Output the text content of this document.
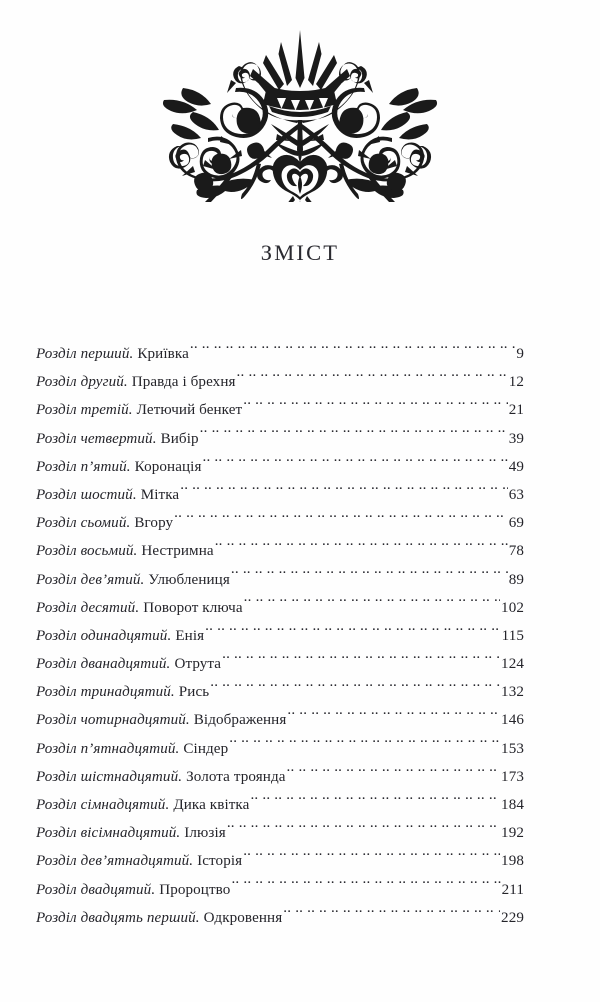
ЗМІСТ
Розділ перший. Криївка .. ..	9
Розділ другий. Правда і брехня .. ..	12
Розділ третій. Летючий бенкет .. ..	21
Розділ четвертий. Вибір .. ..	39
Розділ п’ятий. Коронація .. ..	49
Розділ шостий. Мітка .. ..	63
Розділ сьомий. Вгору .. ..	69
Розділ восьмий. Нестримна .. ..	78
Розділ дев’ятий. Улюблениця .. ..	89
Розділ десятий. Поворот ключа .. ..	102
Розділ одинадцятий. Енія .. ..	115
Розділ дванадцятий. Отрута .. ..	124
Розділ тринадцятий. Рись .. ..	132
Розділ чотирнадцятий. Відображення .. ..	146
Розділ п’ятнадцятий. Сіндер .. ..	153
Розділ шістнадцятий. Золота троянда .. ..	173
Розділ сімнадцятий. Дика квітка .. ..	184
Розділ вісімнадцятий. Ілюзія .. ..	192
Розділ дев’ятнадцятий. Історія .. ..	198
Розділ двадцятий. Пророцтво .. ..	211
Розділ двадцять перший. Одкровення .. ..	229
